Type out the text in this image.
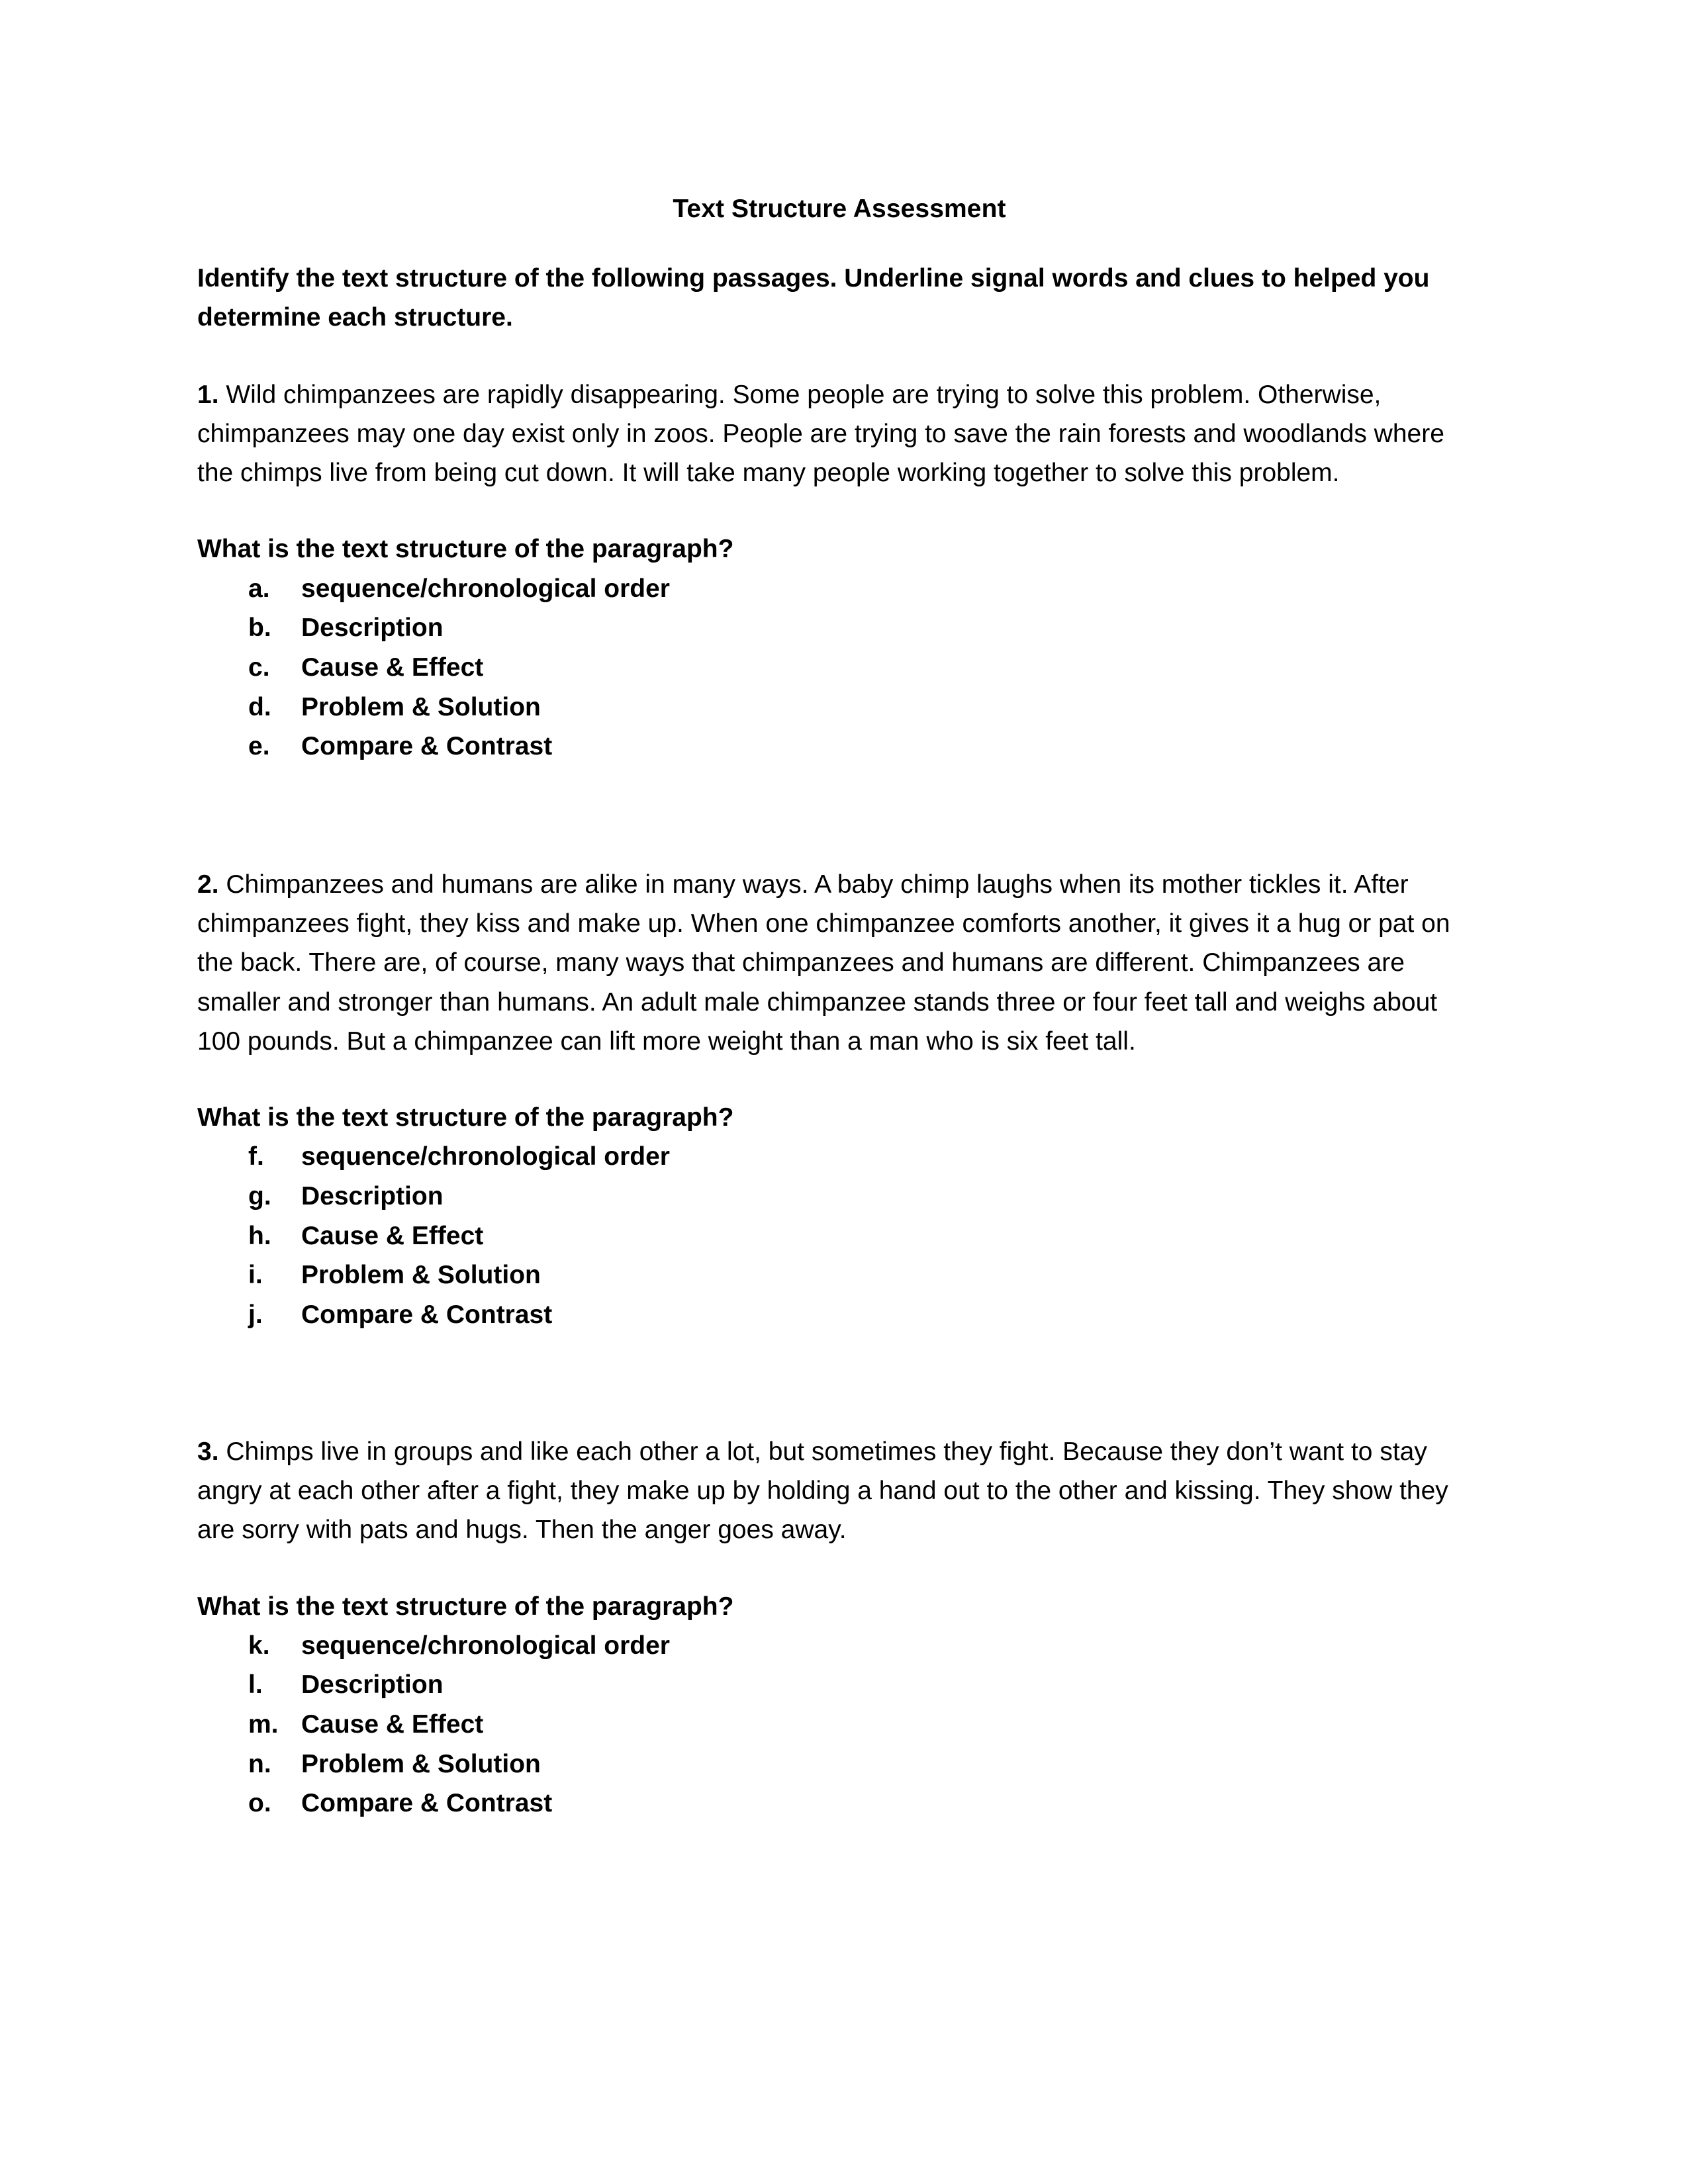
Text Structure Assessment

Identify the text structure of the following passages. Underline signal words and clues to helped you determine each structure.

1. Wild chimpanzees are rapidly disappearing. Some people are trying to solve this problem. Otherwise, chimpanzees may one day exist only in zoos. People are trying to save the rain forests and woodlands where the chimps live from being cut down. It will take many people working together to solve this problem.

What is the text structure of the paragraph?

a.	sequence/chronological order
b.	Description
c.	Cause & Effect
d.	Problem & Solution
e.	Compare & Contrast

2. Chimpanzees and humans are alike in many ways. A baby chimp laughs when its mother tickles it. After chimpanzees fight, they kiss and make up. When one chimpanzee comforts another, it gives it a hug or pat on the back. There are, of course, many ways that chimpanzees and humans are different. Chimpanzees are smaller and stronger than humans. An adult male chimpanzee stands three or four feet tall and weighs about 100 pounds. But a chimpanzee can lift more weight than a man who is six feet tall.

What is the text structure of the paragraph?

f.	sequence/chronological order
g.	Description
h.	Cause & Effect
i.	Problem & Solution
j.	Compare & Contrast

3. Chimps live in groups and like each other a lot, but sometimes they fight. Because they don’t want to stay angry at each other after a fight, they make up by holding a hand out to the other and kissing. They show they are sorry with pats and hugs. Then the anger goes away.

What is the text structure of the paragraph?

k.	sequence/chronological order
l.	Description
m. Cause & Effect
n.	Problem & Solution
o.	Compare & Contrast
